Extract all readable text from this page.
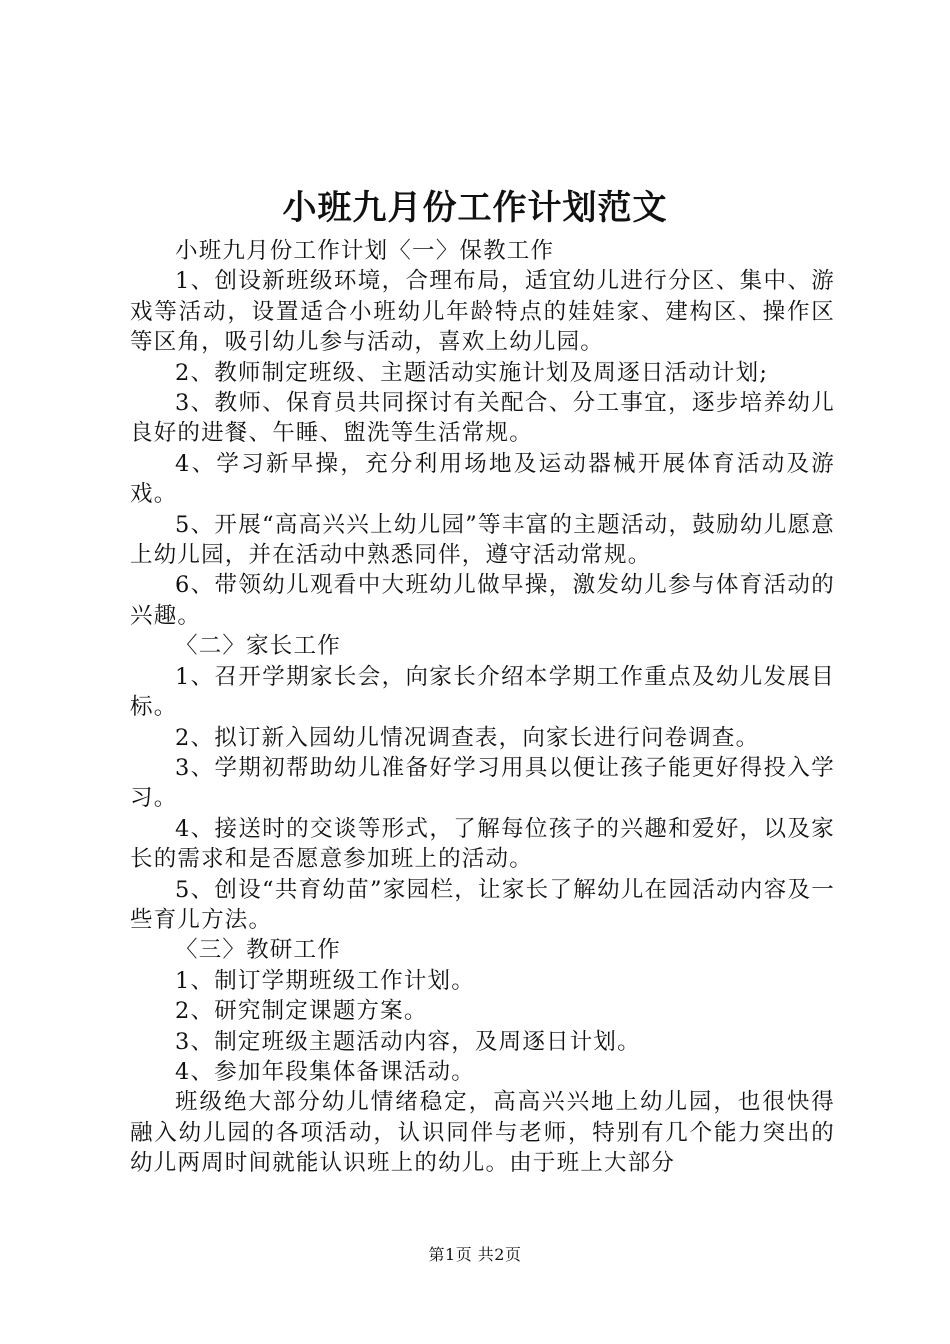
小班九月份工作计划范文

小班九月份工作计划〈一〉保教工作

1、创设新班级环境，合理布局，适宜幼儿进行分区、集中、游戏等活动，设置适合小班幼儿年龄特点的娃娃家、建构区、操作区等区角，吸引幼儿参与活动，喜欢上幼儿园。

2、教师制定班级、主题活动实施计划及周逐日活动计划;

3、教师、保育员共同探讨有关配合、分工事宜，逐步培养幼儿良好的进餐、午睡、盥洗等生活常规。

4、学习新早操，充分利用场地及运动器械开展体育活动及游戏。

5、开展“高高兴兴上幼儿园”等丰富的主题活动，鼓励幼儿愿意上幼儿园，并在活动中熟悉同伴，遵守活动常规。

6、带领幼儿观看中大班幼儿做早操，激发幼儿参与体育活动的兴趣。

〈二〉家长工作

1、召开学期家长会，向家长介绍本学期工作重点及幼儿发展目标。

2、拟订新入园幼儿情况调查表，向家长进行问卷调查。

3、学期初帮助幼儿准备好学习用具以便让孩子能更好得投入学习。

4、接送时的交谈等形式，了解每位孩子的兴趣和爱好，以及家长的需求和是否愿意参加班上的活动。

5、创设“共育幼苗”家园栏，让家长了解幼儿在园活动内容及一些育儿方法。

〈三〉教研工作

1、制订学期班级工作计划。

2、研究制定课题方案。

3、制定班级主题活动内容，及周逐日计划。

4、参加年段集体备课活动。

班级绝大部分幼儿情绪稳定，高高兴兴地上幼儿园，也很快得融入幼儿园的各项活动，认识同伴与老师，特别有几个能力突出的幼儿两周时间就能认识班上的幼儿。由于班上大部分

第1页 共2页
